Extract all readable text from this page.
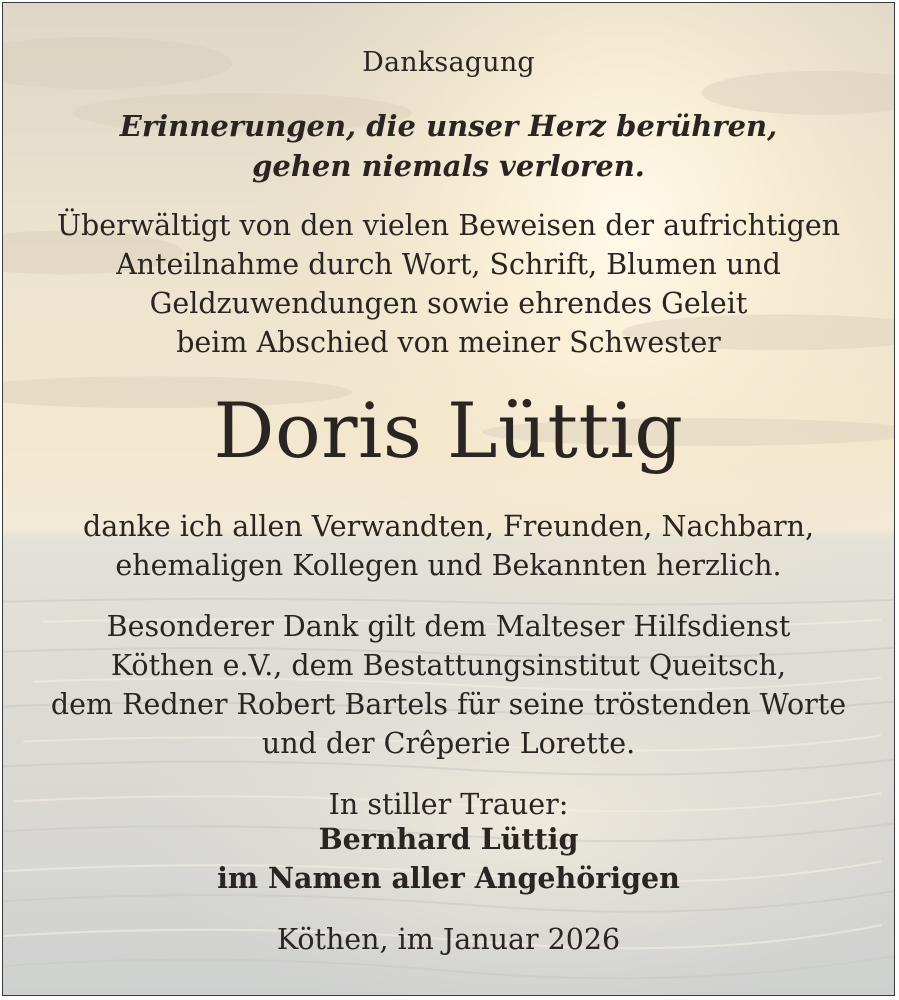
Danksagung
Erinnerungen, die unser Herz berühren,
gehen niemals verloren.
Überwältigt von den vielen Beweisen der aufrichtigen
Anteilnahme durch Wort, Schrift, Blumen und
Geldzuwendungen sowie ehrendes Geleit
beim Abschied von meiner Schwester
Doris Lüttig
danke ich allen Verwandten, Freunden, Nachbarn,
ehemaligen Kollegen und Bekannten herzlich.
Besonderer Dank gilt dem Malteser Hilfsdienst
Köthen e.V., dem Bestattungsinstitut Queitsch,
dem Redner Robert Bartels für seine tröstenden Worte
und der Crêperie Lorette.
In stiller Trauer:
Bernhard Lüttig
im Namen aller Angehörigen
Köthen, im Januar 2026
